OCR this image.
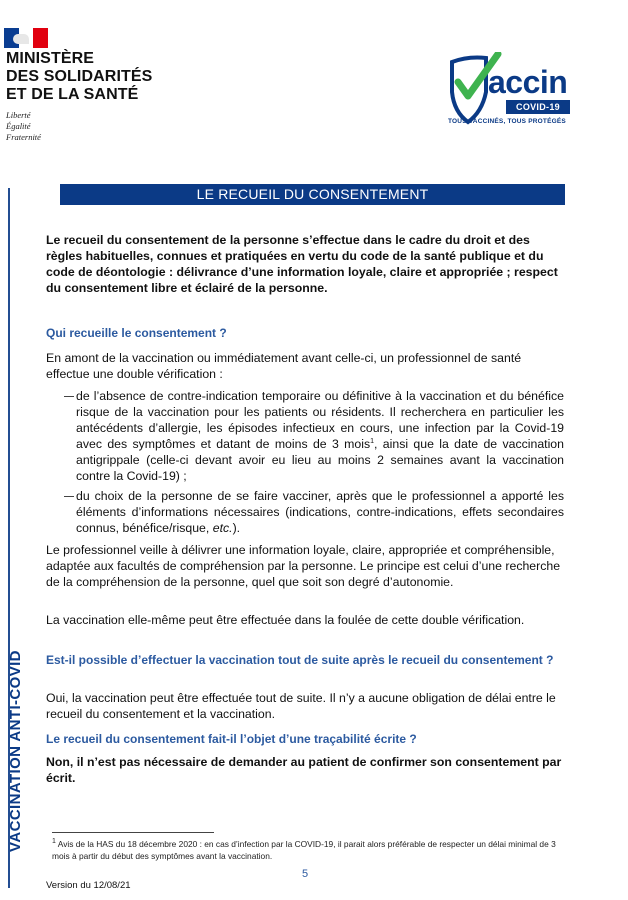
MINISTÈRE
DES SOLIDARITÉS
ET DE LA SANTÉ
Liberté
Égalité
Fraternité
accin
COVID-19
TOUS VACCINÉS, TOUS PROTÉGÉS
LE RECUEIL DU CONSENTEMENT
VACCINATION ANTI-COVID
Le recueil du consentement de la personne s’effectue dans le cadre du droit et des règles habituelles, connues et pratiquées en vertu du code de la santé publique et du code de déontologie : délivrance d’une information loyale, claire et appropriée ; respect du consentement libre et éclairé de la personne.
Qui recueille le consentement ?
En amont de la vaccination ou immédiatement avant celle-ci, un professionnel de santé effectue une double vérification :
de l’absence de contre-indication temporaire ou définitive à la vaccination et du bénéfice risque de la vaccination pour les patients ou résidents. Il recherchera en particulier les antécédents d’allergie, les épisodes infectieux en cours, une infection par la Covid-19 avec des symptômes et datant de moins de 3 mois$^1$, ainsi que la date de vaccination antigrippale (celle-ci devant avoir eu lieu au moins 2 semaines avant la vaccination contre la Covid-19) ;
du choix de la personne de se faire vacciner, après que le professionnel a apporté les éléments d’informations nécessaires (indications, contre-indications, effets secondaires connus, bénéfice/risque, etc.).
Le professionnel veille à délivrer une information loyale, claire, appropriée et compréhensible, adaptée aux facultés de compréhension par la personne. Le principe est celui d’une recherche de la compréhension de la personne, quel que soit son degré d’autonomie.
La vaccination elle-même peut être effectuée dans la foulée de cette double vérification.
Est-il possible d’effectuer la vaccination tout de suite après le recueil du consentement ?
Oui, la vaccination peut être effectuée tout de suite. Il n’y a aucune obligation de délai entre le recueil du consentement et la vaccination.
Le recueil du consentement fait-il l’objet d’une traçabilité écrite ?
Non, il n’est pas nécessaire de demander au patient de confirmer son consentement par écrit.
$^1$ Avis de la HAS du 18 décembre 2020 : en cas d’infection par la COVID-19, il parait alors préférable de respecter un délai minimal de 3 mois à partir du début des symptômes avant la vaccination.
5
Version du 12/08/21
